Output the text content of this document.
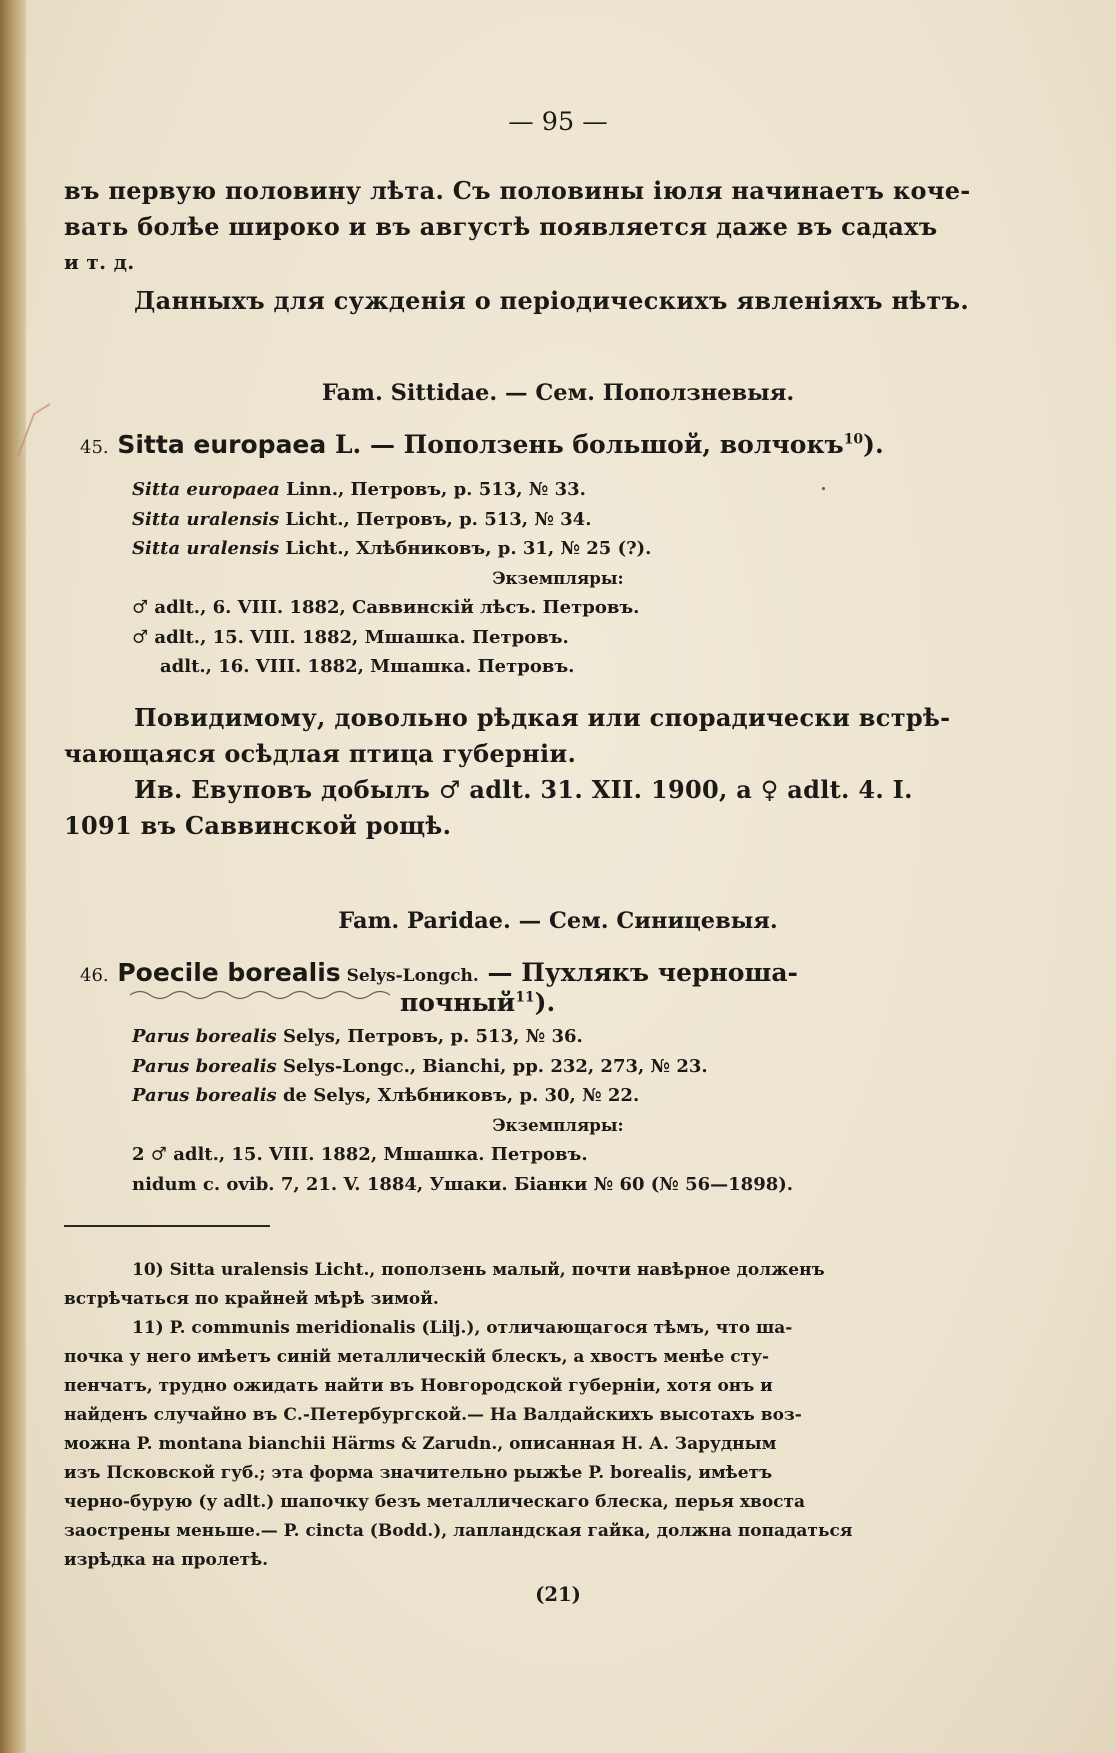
— 95 —
въ первую половину лѣта. Съ половины іюля начинаетъ коче-
вать болѣе широко и въ августѣ появляется даже въ садахъ
и т. д.
Данныхъ для сужденія о періодическихъ явленіяхъ нѣтъ.
Fam. Sittidae. — Сем. Поползневыя.
45. Sitta europaea L. — Поползень большой, волчокъ$^{10}$).
Sitta europaea Linn., Петровъ, p. 513, № 33.
Sitta uralensis Licht., Петровъ, p. 513, № 34.
Sitta uralensis Licht., Хлѣбниковъ, p. 31, № 25 (?).
Экземпляры:
♂ adlt., 6. VIII. 1882, Саввинскій лѣсъ. Петровъ.
♂ adlt., 15. VIII. 1882, Мшашка. Петровъ.
adlt., 16. VIII. 1882, Мшашка. Петровъ.
Повидимому, довольно рѣдкая или спорадически встрѣ-
чающаяся осѣдлая птица губерніи.
Ив. Евуповъ добылъ ♂ adlt. 31. XII. 1900, а ♀ adlt. 4. I.
1091 въ Саввинской рощѣ.
Fam. Paridae. — Сем. Синицевыя.
46. Poecile borealis Selys-Longch. — Пухлякъ черноша-
почный$^{11}$).
Parus borealis Selys, Петровъ, p. 513, № 36.
Parus borealis Selys-Longc., Bianchi, pp. 232, 273, № 23.
Parus borealis de Selys, Хлѣбниковъ, p. 30, № 22.
Экземпляры:
2 ♂ adlt., 15. VIII. 1882, Мшашка. Петровъ.
nidum c. ovib. 7, 21. V. 1884, Ушаки. Біанки № 60 (№ 56—1898).
10) Sitta uralensis Licht., поползень малый, почти навѣрное долженъ
встрѣчаться по крайней мѣрѣ зимой.
11) P. communis meridionalis (Lilj.), отличающагося тѣмъ, что ша-
почка у него имѣетъ синій металлическій блескъ, а хвостъ менѣе сту-
пенчатъ, трудно ожидать найти въ Новгородской губерніи, хотя онъ и
найденъ случайно въ С.-Петербургской.— На Валдайскихъ высотахъ воз-
можна P. montana bianchii Härms & Zarudn., описанная Н. А. Зарудным
изъ Псковской губ.; эта форма значительно рыжѣе P. borealis, имѣетъ
черно-бурую (у adlt.) шапочку безъ металлическаго блеска, перья хвоста
заострены меньше.— P. cincta (Bodd.), лапландская гайка, должна попадаться
изрѣдка на пролетѣ.
(21)
